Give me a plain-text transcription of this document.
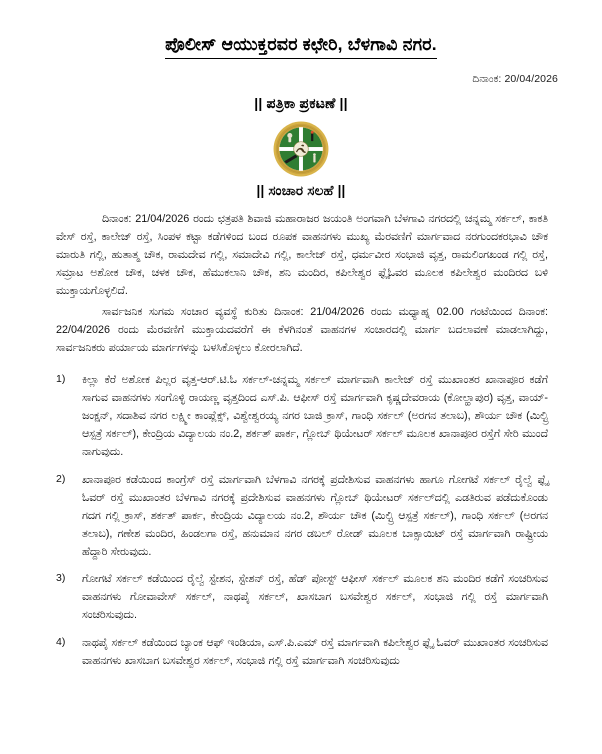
ಪೊಲೀಸ್ ಆಯುಕ್ತರವರ ಕಛೇರಿ, ಬೆಳಗಾವಿ ನಗರ.
ದಿನಾಂಕ: 20/04/2026
|| ಪತ್ರಿಕಾ ಪ್ರಕಟಣೆ ||
|| ಸಂಚಾರ ಸಲಹೆ ||

ದಿನಾಂಕ: 21/04/2026 ರಂದು ಛತ್ರಪತಿ ಶಿವಾಜಿ ಮಹಾರಾಜರ ಜಯಂತಿ ಅಂಗವಾಗಿ ಬೆಳಗಾವಿ ನಗರದಲ್ಲಿ ಚನ್ನಮ್ಮ ಸರ್ಕಲ್, ಕಾಕತಿ ವೇಸ್ ರಸ್ತೆ, ಕಾಲೇಜ್ ರಸ್ತೆ, ಸಿಂಪಳ ಕಟ್ಟಾ ಕಡೆಗಳಿಂದ ಬಂದ ರೂಪಕ ವಾಹನಗಳು ಮುಖ್ಯ ಮೆರವಣಿಗೆ ಮಾರ್ಗವಾದ ನರಗುಂದಕರಭಾವಿ ಚೌಕ ಮಾರುತಿ ಗಲ್ಲಿ, ಹುತಾತ್ಮ ಚೌಕ, ರಾಮದೇವ ಗಲ್ಲಿ, ಸಮಾದೇವಿ ಗಲ್ಲಿ, ಕಾಲೇಜ್ ರಸ್ತೆ, ಧರ್ಮವೀರ ಸಂಭಾಜಿ ವೃತ್ತ, ರಾಮಲಿಂಗಖಂಡ ಗಲ್ಲಿ ರಸ್ತೆ, ಸಮ್ರಾಟ ಅಶೋಕ ಚೌಕ, ಚಳಕ ಚೌಕ, ಹೆಮುಕಲಾನಿ ಚೌಕ, ಶನಿ ಮಂದಿರ, ಕಪಿಲೇಶ್ವರ ಫ್ಲೈಓವರ ಮೂಲಕ ಕಪಿಲೇಶ್ವರ ಮಂದಿರದ ಬಳಿ ಮುಕ್ತಾಯಗೊಳ್ಳಲಿದೆ.

ಸಾರ್ವಜನಿಕ ಸುಗಮ ಸಂಚಾರ ವ್ಯವಸ್ಥೆ ಕುರಿತು ದಿನಾಂಕ: 21/04/2026 ರಂದು ಮಧ್ಯಾಹ್ನ 02.00 ಗಂಟೆಯಿಂದ ದಿನಾಂಕ: 22/04/2026 ರಂದು ಮೆರವಣಿಗೆ ಮುಕ್ತಾಯದವರೆಗೆ ಈ ಕೆಳಗಿನಂತೆ ವಾಹನಗಳ ಸಂಚಾರದಲ್ಲಿ ಮಾರ್ಗ ಬದಲಾವಣೆ ಮಾಡಲಾಗಿದ್ದು, ಸಾರ್ವಜನಿಕರು ಪರ್ಯಾಯ ಮಾರ್ಗಗಳನ್ನು ಬಳಸಿಕೊಳ್ಳಲು ಕೋರಲಾಗಿದೆ.

ಕಿಲ್ಲಾ ಕೆರೆ ಅಶೋಕ ಪಿಲ್ಲರ ವೃತ್ತ-ಆರ್.ಟಿ.ಓ ಸರ್ಕಲ್-ಚನ್ನಮ್ಮ ಸರ್ಕಲ್ ಮಾರ್ಗವಾಗಿ ಕಾಲೇಜ್ ರಸ್ತೆ ಮುಖಾಂತರ ಖಾನಾಪೂರ ಕಡೆಗೆ ಸಾಗುವ ವಾಹನಗಳು ಸಂಗೊಳ್ಳಿ ರಾಯಣ್ಣ ವೃತ್ತದಿಂದ ಎಸ್.ಪಿ. ಆಫೀಸ್ ರಸ್ತೆ ಮಾರ್ಗವಾಗಿ ಕೃಷ್ಣದೇವರಾಯ (ಕೋಲ್ಹಾಪುರ) ವೃತ್ತ, ವಾಯ್-ಜಂಕ್ಷನ್, ಸದಾಶಿವ ನಗರ ಲಕ್ಷ್ಮೀ ಕಾಂಪ್ಲೆಕ್ಸ್, ವಿಶ್ವೇಶ್ವರಯ್ಯ ನಗರ ಬಾಜಿ ಕ್ರಾಸ್, ಗಾಂಧಿ ಸರ್ಕಲ್ (ಅರಗನ ತಲಾಬ), ಶೌರ್ಯ ಚೌಕ (ಮಿಲ್ಟ್ರಿ ಆಸ್ಪತ್ರೆ ಸರ್ಕಲ್), ಕೇಂದ್ರಿಯ ವಿದ್ಯಾಲಯ ನಂ.2, ಶರ್ಕತ್ ಪಾರ್ಕ, ಗ್ಲೋಬ್ ಥಿಯೇಟರ್ ಸರ್ಕಲ್ ಮೂಲಕ ಖಾನಾಪೂರ ರಸ್ತೆಗೆ ಸೇರಿ ಮುಂದೆ ನಾಗುವುದು.
ಖಾನಾಪೂರ ಕಡೆಯಿಂದ ಕಾಂಗ್ರೆಸ್ ರಸ್ತೆ ಮಾರ್ಗವಾಗಿ ಬೆಳಗಾವಿ ನಗರಕ್ಕೆ ಪ್ರದೇಶಿಸುವ ವಾಹನಗಳು ಹಾಗೂ ಗೋಗಟೆ ಸರ್ಕಲ್ ರೈಲ್ವೆ ಫ್ಲೈ ಓವರ್ ರಸ್ತೆ ಮುಖಾಂತರ ಬೆಳಗಾವಿ ನಗರಕ್ಕೆ ಪ್ರದೇಶಿಸುವ ವಾಹನಗಳು ಗ್ಲೋಬ್ ಥಿಯೇಟರ್ ಸರ್ಕಲ್‌ದಲ್ಲಿ ಎಡತಿರುವ ಪಡೆದುಕೊಂಡು ಗದಗ ಗಲ್ಲಿ ಕ್ರಾಸ್, ಶರ್ಕತ್ ಪಾರ್ಕ, ಕೇಂದ್ರಿಯ ವಿದ್ಯಾಲಯ ನಂ.2, ಶೌರ್ಯ ಚೌಕ (ಮಿಲ್ಟ್ರಿ ಆಸ್ಪತ್ರೆ ಸರ್ಕಲ್), ಗಾಂಧಿ ಸರ್ಕಲ್ (ಅರಗನ ತಲಾಬ), ಗಣೇಶ ಮಂದಿರ, ಹಿಂಡಲಗಾ ರಸ್ತೆ, ಹನುಮಾನ ನಗರ ಡಬಲ್ ರೋಡ್ ಮೂಲಕ ಬಾಕ್ಸಾಯಿಟ್ ರಸ್ತೆ ಮಾರ್ಗವಾಗಿ ರಾಷ್ಟ್ರೀಯ ಹೆದ್ದಾರಿ ಸೇರುವುದು.
ಗೋಗಟೆ ಸರ್ಕಲ್ ಕಡೆಯಿಂದ ರೈಲ್ವೆ ಸ್ಟೇಶನ, ಸ್ಟೇಶನ್ ರಸ್ತೆ, ಹೆಡ್ ಪೋಸ್ಟ್ ಆಫೀಸ್ ಸರ್ಕಲ್ ಮೂಲಕ ಶನಿ ಮಂದಿರ ಕಡೆಗೆ ಸಂಚರಿಸುವ ವಾಹನಗಳು ಗೋವಾವೇಸ್ ಸರ್ಕಲ್, ನಾಥಪೈ ಸರ್ಕಲ್, ಖಾಸಬಾಗ ಬಸವೇಶ್ವರ ಸರ್ಕಲ್, ಸಂಭಾಜಿ ಗಲ್ಲಿ ರಸ್ತೆ ಮಾರ್ಗವಾಗಿ ಸಂಚರಿಸುವುದು.
ನಾಥಪೈ ಸರ್ಕಲ್ ಕಡೆಯಿಂದ ಬ್ಯಾಂಕ ಆಫ್ ಇಂಡಿಯಾ, ಎಸ್.ಪಿ.ಎಮ್ ರಸ್ತೆ ಮಾರ್ಗವಾಗಿ ಕಪಿಲೇಶ್ವರ ಫ್ಲೈ ಓವರ್ ಮುಖಾಂತರ ಸಂಚರಿಸುವ ವಾಹನಗಳು ಖಾಸಬಾಗ ಬಸವೇಶ್ವರ ಸರ್ಕಲ್, ಸಂಭಾಜಿ ಗಲ್ಲಿ ರಸ್ತೆ ಮಾರ್ಗವಾಗಿ ಸಂಚರಿಸುವುದು
